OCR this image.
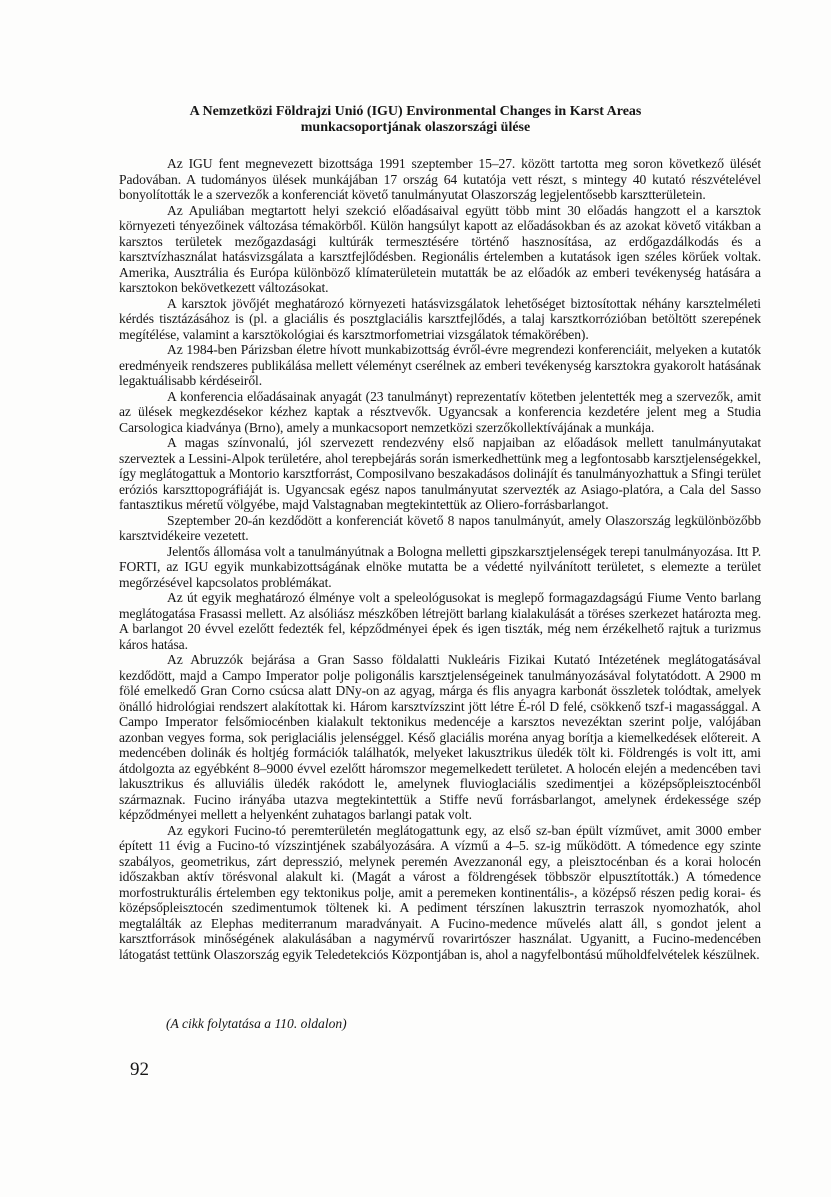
A Nemzetközi Földrajzi Unió (IGU) Environmental Changes in Karst Areas
munkacsoportjának olaszországi ülése

Az IGU fent megnevezett bizottsága 1991 szeptember 15–27. között tartotta meg soron következő ülését Padovában. A tudományos ülések munkájában 17 ország 64 kutatója vett részt, s mintegy 40 kutató részvételével bonyolították le a szervezők a konferenciát követő tanulmányutat Olaszország legjelentősebb karsztterületein.

Az Apuliában megtartott helyi szekció előadásaival együtt több mint 30 előadás hangzott el a karsztok környezeti tényezőinek változása témakörből. Külön hangsúlyt kapott az előadásokban és az azokat követő vitákban a karsztos területek mezőgazdasági kultúrák termesztésére történő hasznosítása, az erdőgazdálkodás és a karsztvízhasználat hatásvizsgálata a karsztfejlődésben. Regionális értelemben a kutatások igen széles körűek voltak. Amerika, Ausztrália és Európa különböző klímaterületein mutatták be az előadók az emberi tevékenység hatására a karsztokon bekövetkezett változásokat.

A karsztok jövőjét meghatározó környezeti hatásvizsgálatok lehetőséget biztosítottak néhány karsztelméleti kérdés tisztázásához is (pl. a glaciális és posztglaciális karsztfejlődés, a talaj karsztkorrózióban betöltött szerepének megítélése, valamint a karsztökológiai és karsztmorfometriai vizsgálatok témakörében).

Az 1984-ben Párizsban életre hívott munkabizottság évről-évre megrendezi konferenciáit, melyeken a kutatók eredményeik rendszeres publikálása mellett véleményt cserélnek az emberi tevékenység karsztokra gyakorolt hatásának legaktuálisabb kérdéseiről.

A konferencia előadásainak anyagát (23 tanulmányt) reprezentatív kötetben jelentették meg a szervezők, amit az ülések megkezdésekor kézhez kaptak a résztvevők. Ugyancsak a konferencia kezdetére jelent meg a Studia Carsologica kiadványa (Brno), amely a munkacsoport nemzetközi szerzőkollektívájának a munkája.

A magas színvonalú, jól szervezett rendezvény első napjaiban az előadások mellett tanulmányutakat szerveztek a Lessini-Alpok területére, ahol terepbejárás során ismerkedhettünk meg a legfontosabb karsztjelenségekkel, így meglátogattuk a Montorio karsztforrást, Composilvano beszakadásos dolinájít és tanulmányozhattuk a Sfingi terület eróziós karszttopográfiáját is. Ugyancsak egész napos tanulmányutat szervezték az Asiago-platóra, a Cala del Sasso fantasztikus méretű völgyébe, majd Valstagnaban megtekintettük az Oliero-forrásbarlangot.

Szeptember 20-án kezdődött a konferenciát követő 8 napos tanulmányút, amely Olaszország legkülönbözőbb karsztvidékeire vezetett.

Jelentős állomása volt a tanulmányútnak a Bologna melletti gipszkarsztjelenségek terepi tanulmányozása. Itt P. FORTI, az IGU egyik munkabizottságának elnöke mutatta be a védetté nyilvánított területet, s elemezte a terület megőrzésével kapcsolatos problémákat.

Az út egyik meghatározó élménye volt a speleológusokat is meglepő formagazdagságú Fiume Vento barlang meglátogatása Frasassi mellett. Az alsóliász mészkőben létrejött barlang kialakulását a töréses szerkezet határozta meg. A barlangot 20 évvel ezelőtt fedezték fel, képződményei épek és igen tiszták, még nem érzékelhető rajtuk a turizmus káros hatása.

Az Abruzzók bejárása a Gran Sasso földalatti Nukleáris Fizikai Kutató Intézetének meglátogatásával kezdődött, majd a Campo Imperator polje poligonális karsztjelenségeinek tanulmányozásával folytatódott. A 2900 m fölé emelkedő Gran Corno csúcsa alatt DNy-on az agyag, márga és flis anyagra karbonát összletek tolódtak, amelyek önálló hidrológiai rendszert alakítottak ki. Három karsztvízszint jött létre É-ról D felé, csökkenő tszf-i magassággal. A Campo Imperator felsőmiocénben kialakult tektonikus medencéje a karsztos nevezéktan szerint polje, valójában azonban vegyes forma, sok periglaciális jelenséggel. Késő glaciális moréna anyag borítja a kiemelkedések előtereit. A medencében dolinák és holtjég formációk találhatók, melyeket lakusztrikus üledék tölt ki. Földrengés is volt itt, ami átdolgozta az egyébként 8–9000 évvel ezelőtt háromszor megemelkedett területet. A holocén elején a medencében tavi lakusztrikus és alluviális üledék rakódott le, amelynek fluvioglaciális szedimentjei a középsőpleisztocénből származnak. Fucino irányába utazva megtekintettük a Stiffe nevű forrásbarlangot, amelynek érdekessége szép képződményei mellett a helyenként zuhatagos barlangi patak volt.

Az egykori Fucino-tó peremterületén meglátogattunk egy, az első sz-ban épült vízművet, amit 3000 ember épített 11 évig a Fucino-tó vízszintjének szabályozására. A vízmű a 4–5. sz-ig működött. A tómedence egy szinte szabályos, geometrikus, zárt depresszió, melynek peremén Avezzanonál egy, a pleisztocénban és a korai holocén időszakban aktív törésvonal alakult ki. (Magát a várost a földrengések többször elpusztították.) A tómedence morfostrukturális értelemben egy tektonikus polje, amit a peremeken kontinentális-, a középső részen pedig korai- és középsőpleisztocén szedimentumok töltenek ki. A pediment térszínen lakusztrin terraszok nyomozhatók, ahol megtalálták az Elephas mediterranum maradványait. A Fucino-medence művelés alatt áll, s gondot jelent a karsztforrások minőségének alakulásában a nagymérvű rovarirtószer használat. Ugyanitt, a Fucino-medencében látogatást tettünk Olaszország egyik Teledetekciós Központjában is, ahol a nagyfelbontású műholdfelvételek készülnek.

(A cikk folytatása a 110. oldalon)
92
